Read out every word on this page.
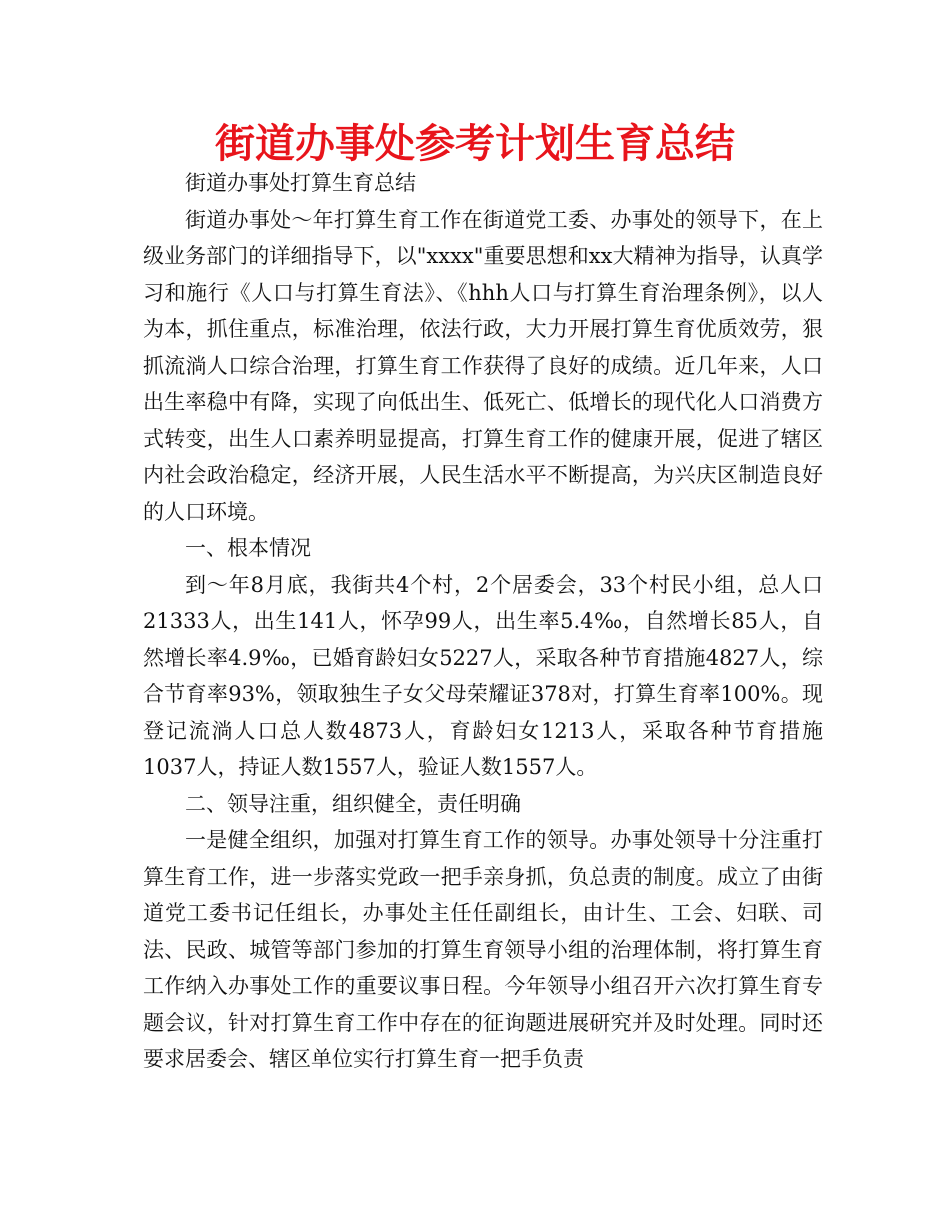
街道办事处参考计划生育总结

街道办事处打算生育总结

街道办事处～年打算生育工作在街道党工委、办事处的领导下，在上级业务部门的详细指导下，以"xxxx"重要思想和xx大精神为指导，认真学习和施行《人口与打算生育法》、《hhh人口与打算生育治理条例》，以人为本，抓住重点，标准治理，依法行政，大力开展打算生育优质效劳，狠抓流淌人口综合治理，打算生育工作获得了良好的成绩。近几年来，人口出生率稳中有降，实现了向低出生、低死亡、低增长的现代化人口消费方式转变，出生人口素养明显提高，打算生育工作的健康开展，促进了辖区内社会政治稳定，经济开展，人民生活水平不断提高，为兴庆区制造良好的人口环境。

一、根本情况

到～年8月底，我街共4个村，2个居委会，33个村民小组，总人口21333人，出生141人，怀孕99人，出生率5.4‰，自然增长85人，自然增长率4.9‰，已婚育龄妇女5227人，采取各种节育措施4827人，综合节育率93%，领取独生子女父母荣耀证378对，打算生育率100%。现登记流淌人口总人数4873人，育龄妇女1213人，采取各种节育措施1037人，持证人数1557人，验证人数1557人。

二、领导注重，组织健全，责任明确

一是健全组织，加强对打算生育工作的领导。办事处领导十分注重打算生育工作，进一步落实党政一把手亲身抓，负总责的制度。成立了由街道党工委书记任组长，办事处主任任副组长，由计生、工会、妇联、司法、民政、城管等部门参加的打算生育领导小组的治理体制，将打算生育工作纳入办事处工作的重要议事日程。今年领导小组召开六次打算生育专题会议，针对打算生育工作中存在的征询题进展研究并及时处理。同时还要求居委会、辖区单位实行打算生育一把手负责
